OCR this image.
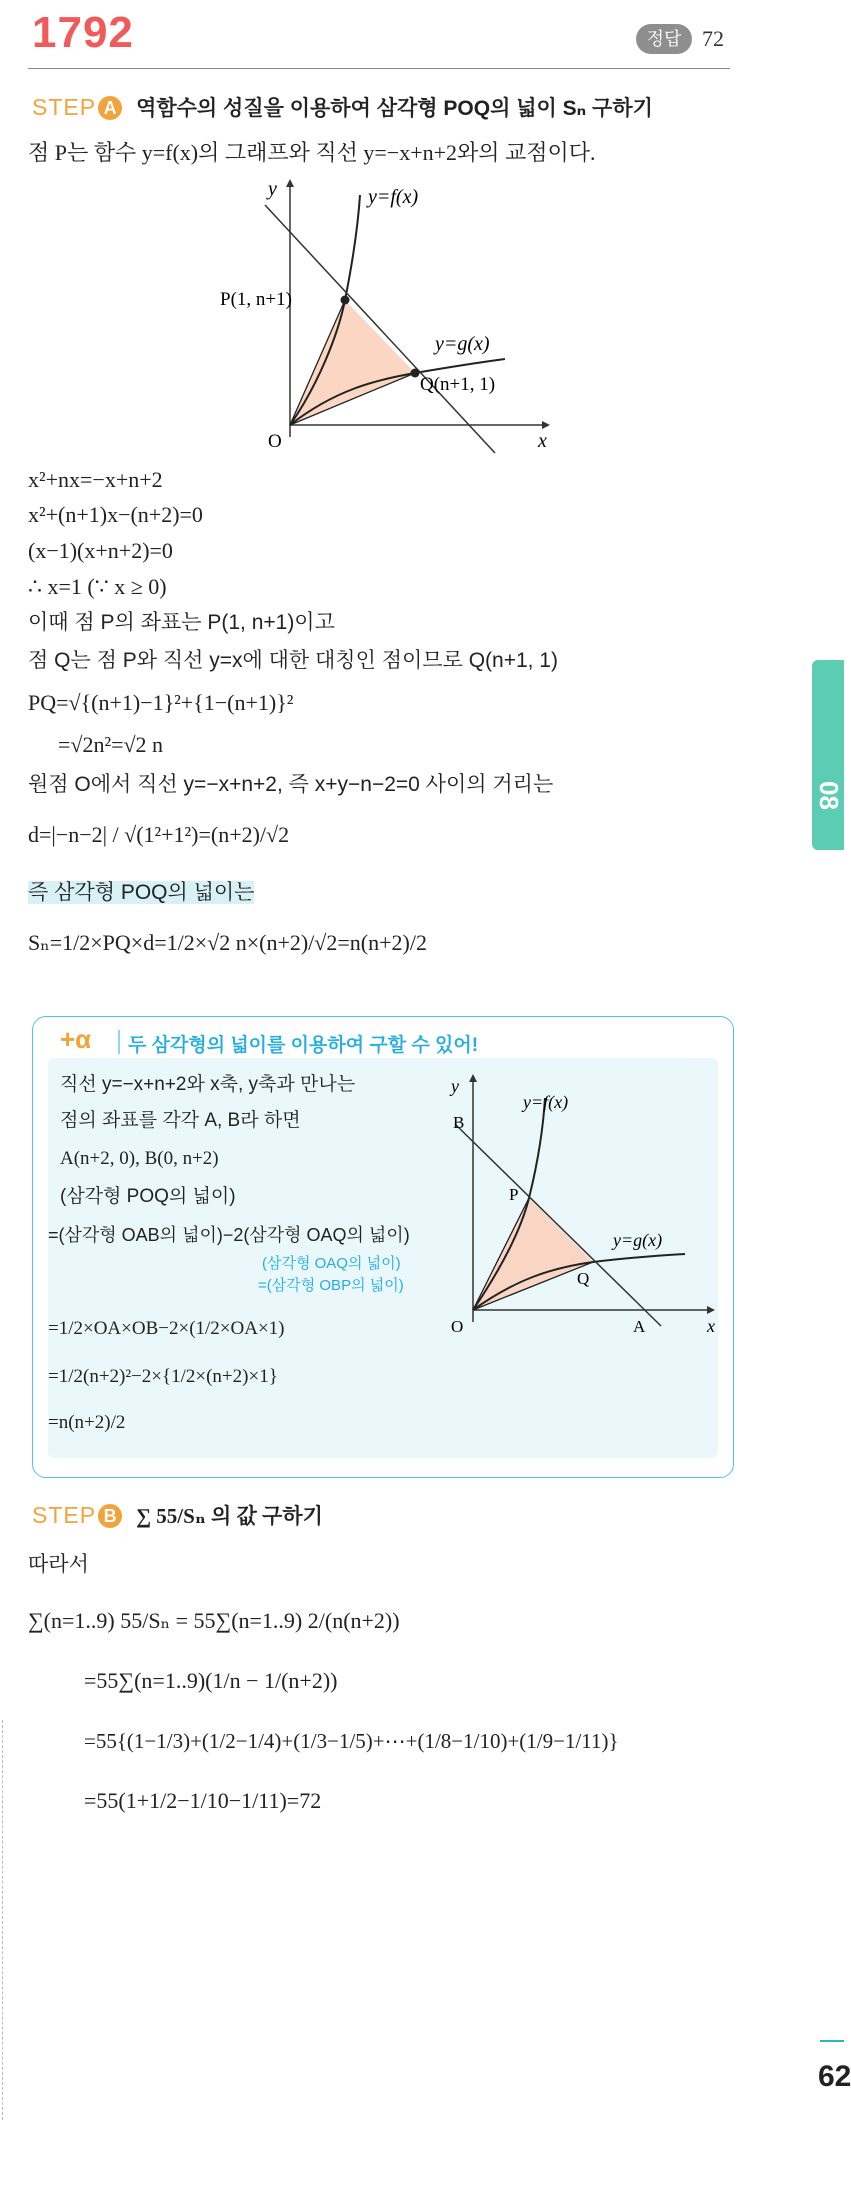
1792	정답 72
STEP A 역함수의 성질을 이용하여 삼각형 POQ의 넓이 Sₙ 구하기
점 P는 함수 y=f(x)의 그래프와 직선 y=−x+n+2와의 교점이다.
y
x
O
y=f(x)
y=g(x)
P(1, n+1)
Q(n+1, 1)
x²+nx=−x+n+2
x²+(n+1)x−(n+2)=0
(x−1)(x+n+2)=0
∴ x=1 (∵ x ≥ 0)
이때 점 P의 좌표는 P(1, n+1)이고
점 Q는 점 P와 직선 y=x에 대한 대칭인 점이므로 Q(n+1, 1)
PQ=√{(n+1)−1}²+{1−(n+1)}²
=√2n²=√2 n
원점 O에서 직선 y=−x+n+2, 즉 x+y−n−2=0 사이의 거리는
d=|−n−2| / √(1²+1²)=(n+2)/√2
즉 삼각형 POQ의 넓이는
Sₙ=1/2×PQ×d=1/2×√2 n×(n+2)/√2=n(n+2)/2
+α 두 삼각형의 넓이를 이용하여 구할 수 있어!
직선 y=−x+n+2와 x축, y축과 만나는
점의 좌표를 각각 A, B라 하면
A(n+2, 0), B(0, n+2)
(삼각형 POQ의 넓이)
=(삼각형 OAB의 넓이)−2(삼각형 OAQ의 넓이)
(삼각형 OAQ의 넓이)
=(삼각형 OBP의 넓이)
=1/2×OA×OB−2×(1/2×OA×1)
=1/2(n+2)²−2×{1/2×(n+2)×1}
=n(n+2)/2
y
x
O
y=f(x)
y=g(x)
B
A
P
Q
STEP B ∑ 55/Sₙ 의 값 구하기
따라서
∑(n=1..9) 55/Sₙ = 55∑(n=1..9) 2/(n(n+2))
=55∑(n=1..9)(1/n − 1/(n+2))
=55{(1−1/3)+(1/2−1/4)+(1/3−1/5)+⋯+(1/8−1/10)+(1/9−1/11)}
=55(1+1/2−1/10−1/11)=72
08
62
